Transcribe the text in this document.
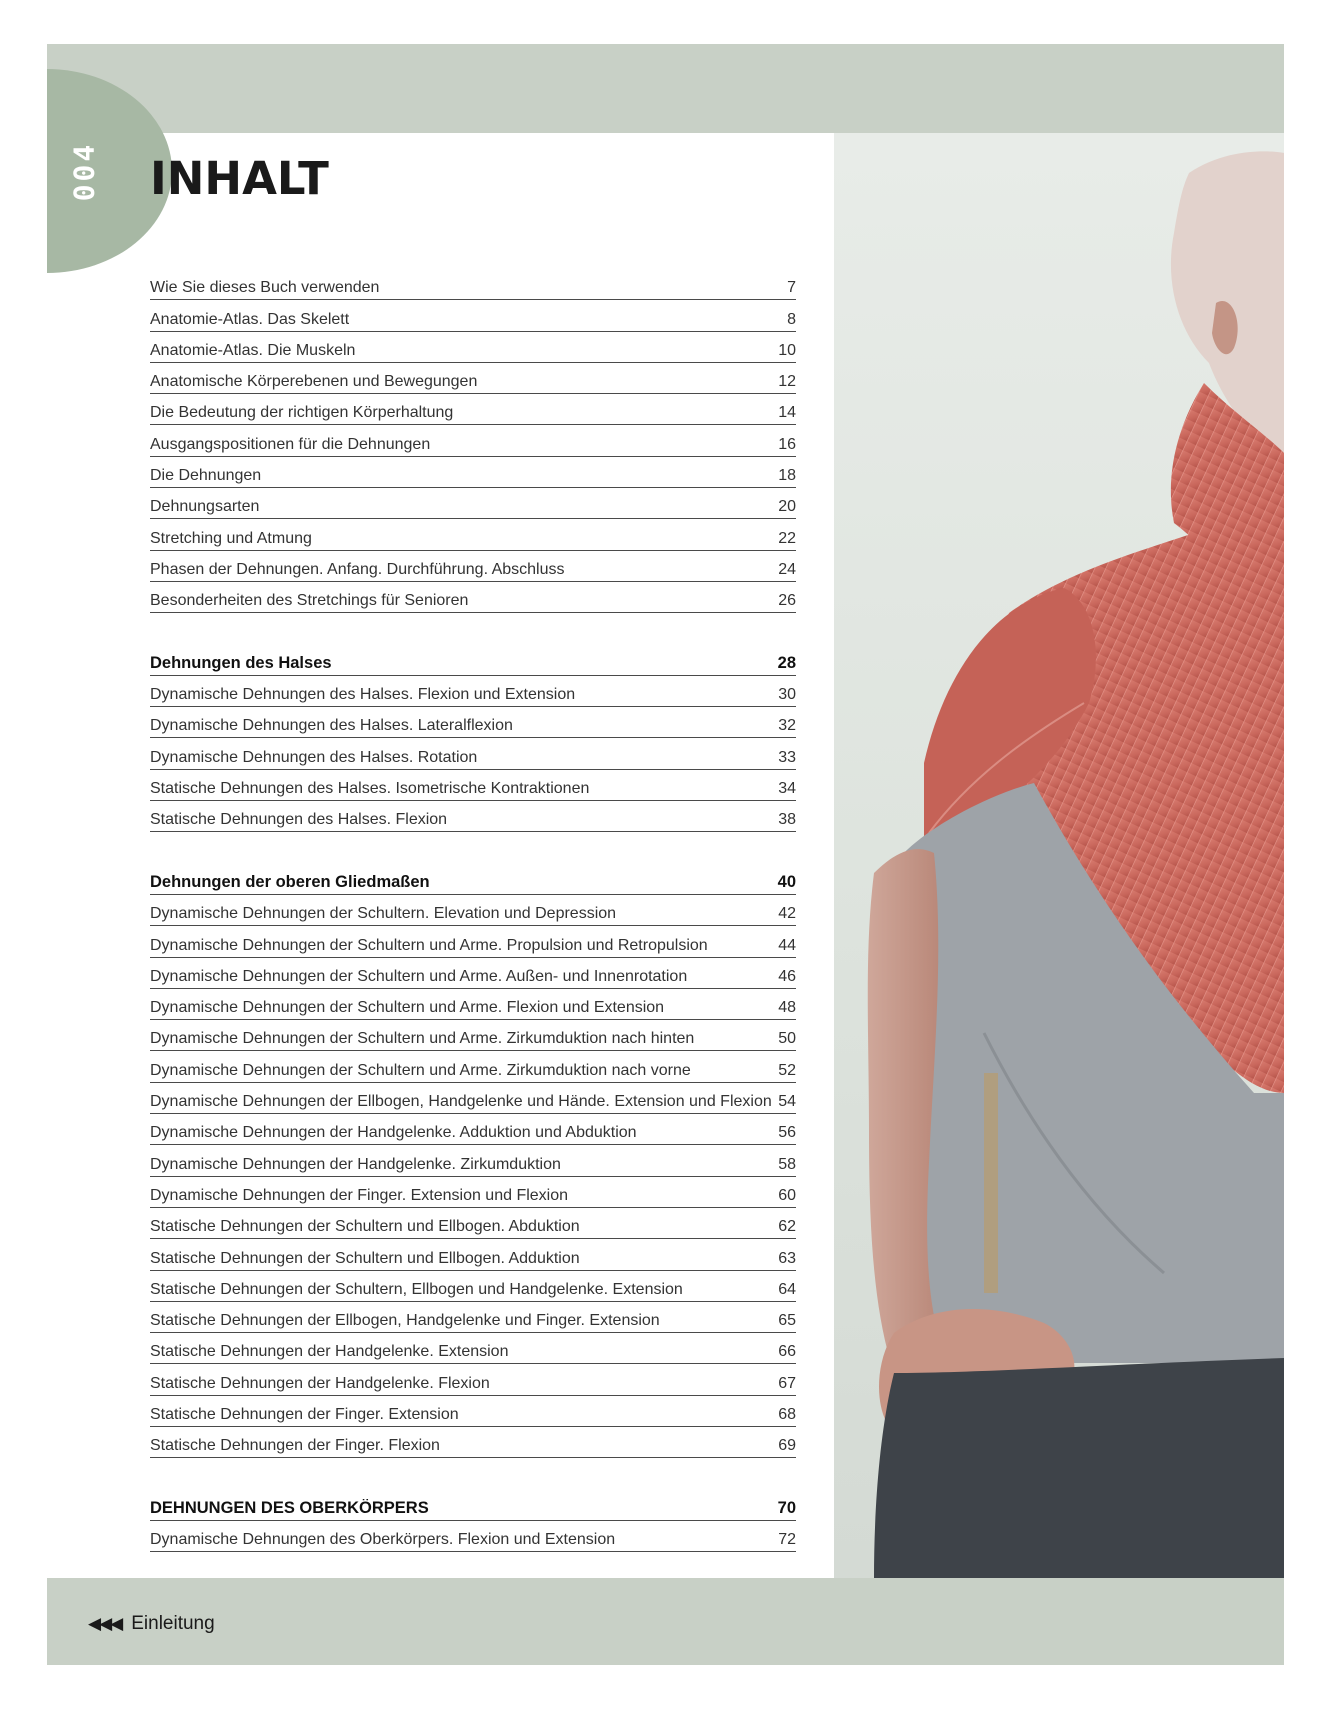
004 INHALT
Wie Sie dieses Buch verwenden	7
Anatomie-Atlas. Das Skelett	8
Anatomie-Atlas. Die Muskeln	10
Anatomische Körperebenen und Bewegungen	12
Die Bedeutung der richtigen Körperhaltung	14
Ausgangspositionen für die Dehnungen	16
Die Dehnungen	18
Dehnungsarten	20
Stretching und Atmung	22
Phasen der Dehnungen. Anfang. Durchführung. Abschluss	24
Besonderheiten des Stretchings für Senioren	26
Dehnungen des Halses	28
Dynamische Dehnungen des Halses. Flexion und Extension	30
Dynamische Dehnungen des Halses. Lateralflexion	32
Dynamische Dehnungen des Halses. Rotation	33
Statische Dehnungen des Halses. Isometrische Kontraktionen	34
Statische Dehnungen des Halses. Flexion	38
Dehnungen der oberen Gliedmaßen	40
Dynamische Dehnungen der Schultern. Elevation und Depression	42
Dynamische Dehnungen der Schultern und Arme. Propulsion und Retropulsion	44
Dynamische Dehnungen der Schultern und Arme. Außen- und Innenrotation	46
Dynamische Dehnungen der Schultern und Arme. Flexion und Extension	48
Dynamische Dehnungen der Schultern und Arme. Zirkumduktion nach hinten	50
Dynamische Dehnungen der Schultern und Arme. Zirkumduktion nach vorne	52
Dynamische Dehnungen der Ellbogen, Handgelenke und Hände. Extension und Flexion 54
Dynamische Dehnungen der Handgelenke. Adduktion und Abduktion	56
Dynamische Dehnungen der Handgelenke. Zirkumduktion	58
Dynamische Dehnungen der Finger. Extension und Flexion	60
Statische Dehnungen der Schultern und Ellbogen. Abduktion	62
Statische Dehnungen der Schultern und Ellbogen. Adduktion	63
Statische Dehnungen der Schultern, Ellbogen und Handgelenke. Extension	64
Statische Dehnungen der Ellbogen, Handgelenke und Finger. Extension	65
Statische Dehnungen der Handgelenke. Extension	66
Statische Dehnungen der Handgelenke. Flexion	67
Statische Dehnungen der Finger. Extension	68
Statische Dehnungen der Finger. Flexion	69
DEHNUNGEN DES OBERKÖRPERS	70
Dynamische Dehnungen des Oberkörpers. Flexion und Extension	72
◀◀◀ Einleitung
